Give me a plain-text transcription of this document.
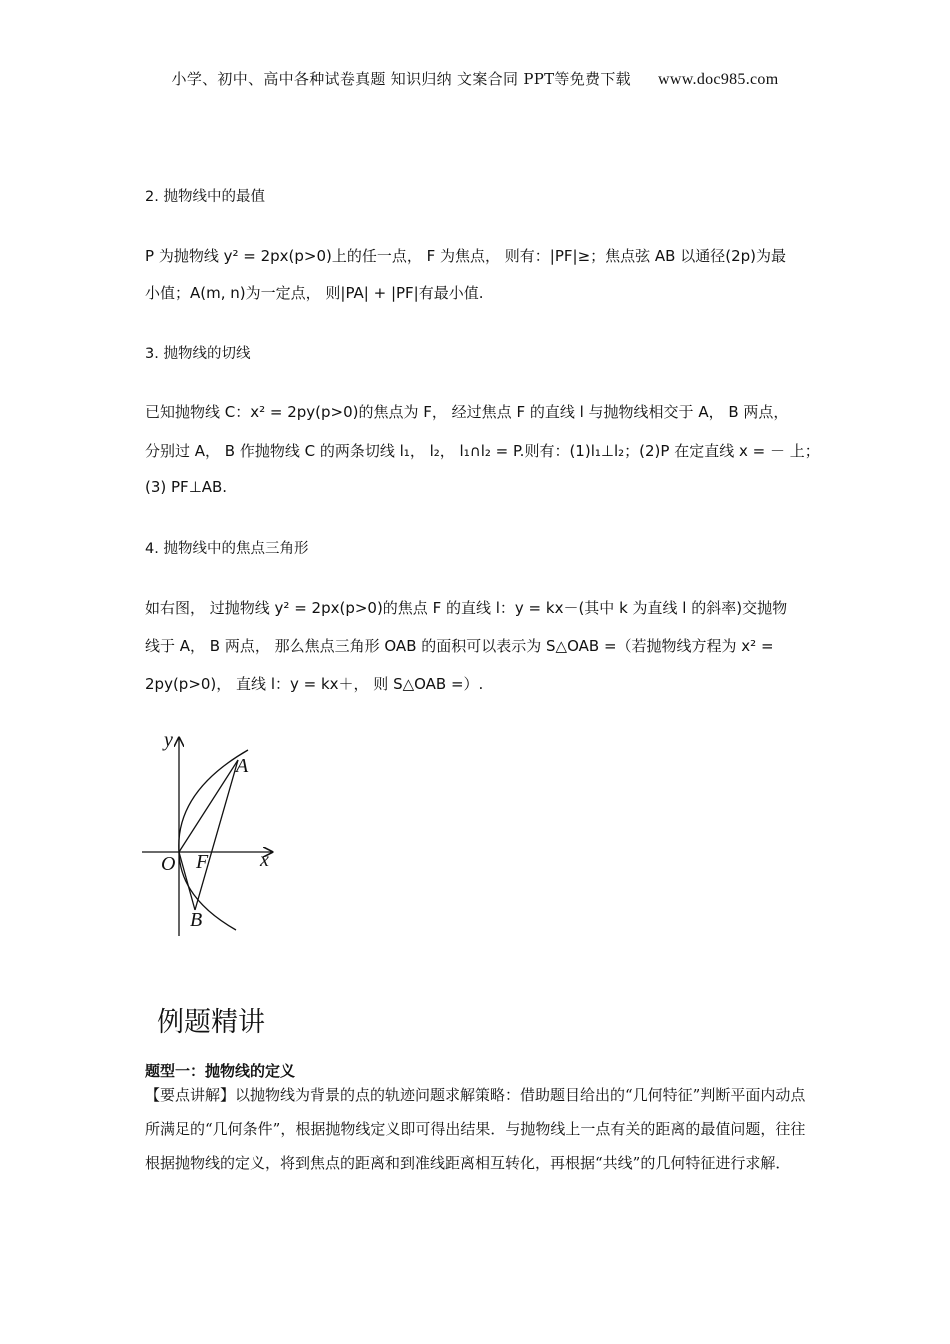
小学、初中、高中各种试卷真题 知识归纳 文案合同 PPT等免费下载 www.doc985.com
2. 抛物线中的最值
P 为抛物线 y² = 2px(p>0)上的任一点， F 为焦点， 则有：|PF|≥；焦点弦 AB 以通径(2p)为最
小值；A(m, n)为一定点， 则|PA| + |PF|有最小值.
3. 抛物线的切线
已知抛物线 C：x² = 2py(p>0)的焦点为 F， 经过焦点 F 的直线 l 与抛物线相交于 A， B 两点，
分别过 A， B 作抛物线 C 的两条切线 l₁， l₂， l₁∩l₂ = P.则有：(1)l₁⊥l₂；(2)P 在定直线 x = － 上；
(3) PF⊥AB.
4. 抛物线中的焦点三角形
如右图， 过抛物线 y² = 2px(p>0)的焦点 F 的直线 l：y = kx－(其中 k 为直线 l 的斜率)交抛物
线于 A， B 两点， 那么焦点三角形 OAB 的面积可以表示为 S△OAB =（若抛物线方程为 x² =
2py(p>0)， 直线 l：y = kx＋， 则 S△OAB =）.
y
x
O F
A
B
例题精讲
题型一：抛物线的定义
【要点讲解】以抛物线为背景的点的轨迹问题求解策略：借助题目给出的“几何特征”判断平面内动点所满足的“几何条件”，根据抛物线定义即可得出结果．与抛物线上一点有关的距离的最值问题，往往根据抛物线的定义，将到焦点的距离和到准线距离相互转化，再根据“共线”的几何特征进行求解．
